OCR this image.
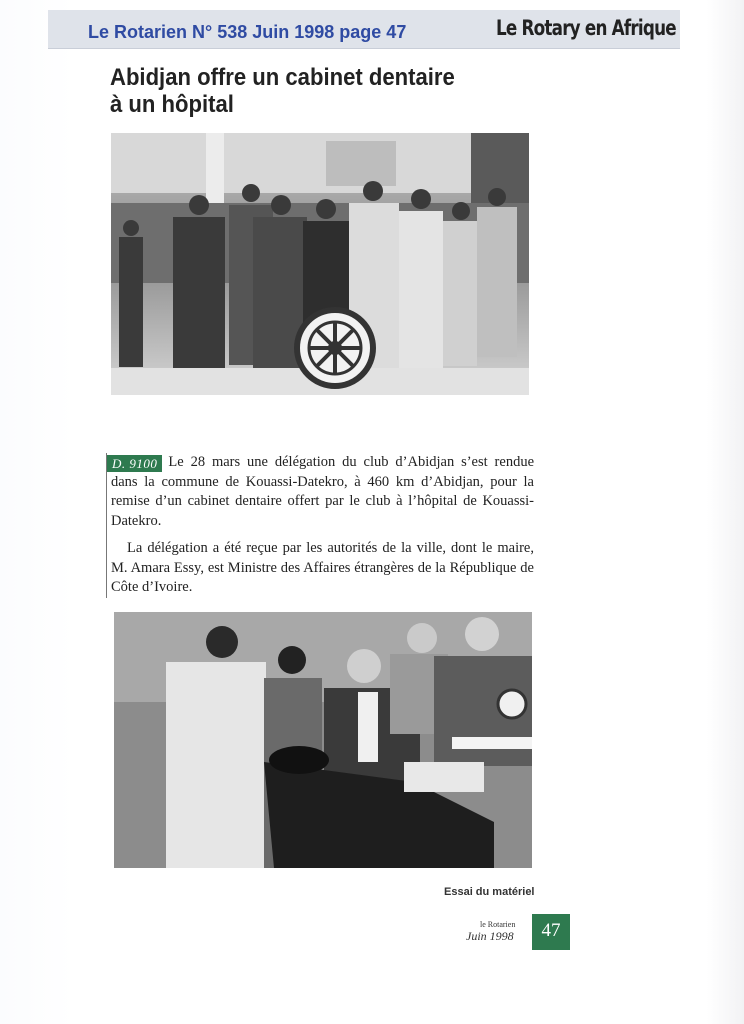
Le Rotarien N° 538 Juin 1998 page 47	Le Rotary en Afrique
Abidjan offre un cabinet dentaire
à un hôpital
D. 9100 Le 28 mars une délégation du club d’Abidjan s’est rendue dans la commune de Kouassi-Datekro, à 460 km d’Abidjan, pour la remise d’un cabinet dentaire offert par le club à l’hôpital de Kouassi-Datekro.

La délégation a été reçue par les autorités de la ville, dont le maire, M. Amara Essy, est Ministre des Affaires étrangères de la République de Côte d’Ivoire.

Essai du matériel
le Rotarien
Juin 1998	47
